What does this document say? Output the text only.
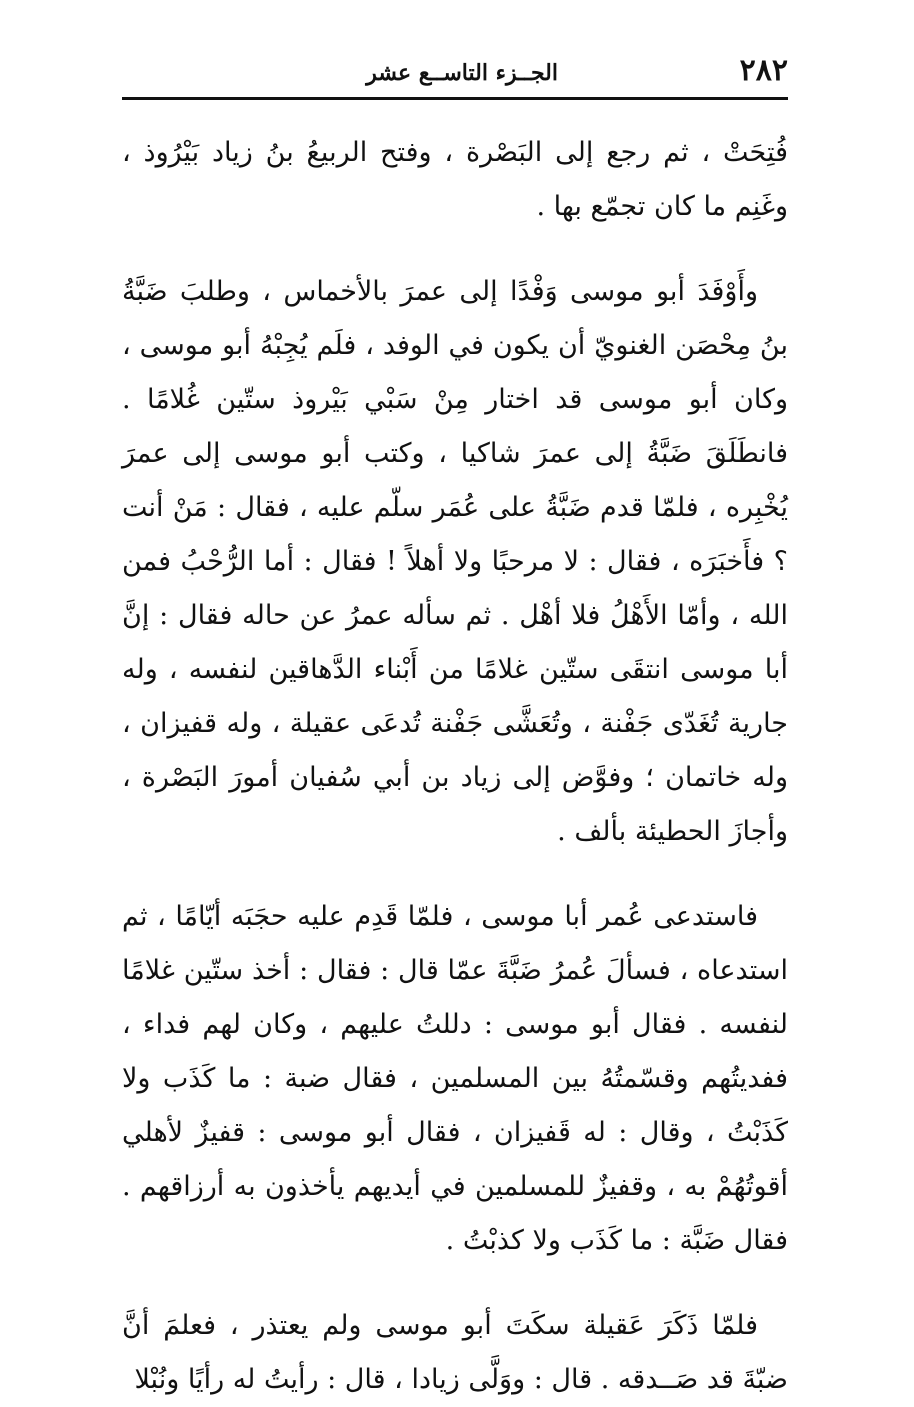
٢٨٢
الجــزء التاســع عشر

فُتِحَتْ ، ثم رجع إلى البَصْرة ، وفتح الربيعُ بنُ زياد بَيْرُوذ ، وغَنِم ما كان تجمّع بها .

وأَوْفَدَ أبو موسى وَفْدًا إلى عمرَ بالأخماس ، وطلبَ ضَبَّةُ بنُ مِحْصَن الغنويّ أن يكون في الوفد ، فلَم يُجِبْهُ أبو موسى ، وكان أبو موسى قد اختار مِنْ سَبْي بَيْروذ ستّين غُلامًا . فانطَلَقَ ضَبَّةُ إلى عمرَ شاكيا ، وكتب أبو موسى إلى عمرَ يُخْبِره ، فلمّا قدم ضَبَّةُ على عُمَر سلّم عليه ، فقال : مَنْ أنت ؟ فأَخبَرَه ، فقال : لا مرحبًا ولا أهلاً ! فقال : أما الرُّحْبُ فمن الله ، وأمّا الأَهْلُ فلا أهْل . ثم سأله عمرُ عن حاله فقال : إنَّ أبا موسى انتقَى ستّين غلامًا من أَبْناء الدَّهاقين لنفسه ، وله جارية تُغَدّى جَفْنة ، وتُعَشَّى جَفْنة تُدعَى عقيلة ، وله قفيزان ، وله خاتمان ؛ وفوَّض إلى زياد بن أبي سُفيان أمورَ البَصْرة ، وأجازَ الحطيئة بألف .

فاستدعى عُمر أبا موسى ، فلمّا قَدِم عليه حجَبَه أيّامًا ، ثم استدعاه ، فسألَ عُمرُ ضَبَّةَ عمّا قال : فقال : أخذ ستّين غلامًا لنفسه . فقال أبو موسى : دللتُ عليهم ، وكان لهم فداء ، ففديتُهم وقسّمتُهُ بين المسلمين ، فقال ضبة : ما كَذَب ولا كَذَبْتُ ، وقال : له قَفيزان ، فقال أبو موسى : قفيزٌ لأهلي أقوتُهُمْ به ، وقفيزٌ للمسلمين في أيديهم يأخذون به أرزاقهم . فقال ضَبَّة : ما كَذَب ولا كذبْتُ .

فلمّا ذَكَرَ عَقيلة سكَتَ أبو موسى ولم يعتذر ، فعلمَ أنَّ ضبّةَ قد صَــدقه . قال : ووَلَّى زيادا ، قال : رأيتُ له رأيًا ونُبْلا
